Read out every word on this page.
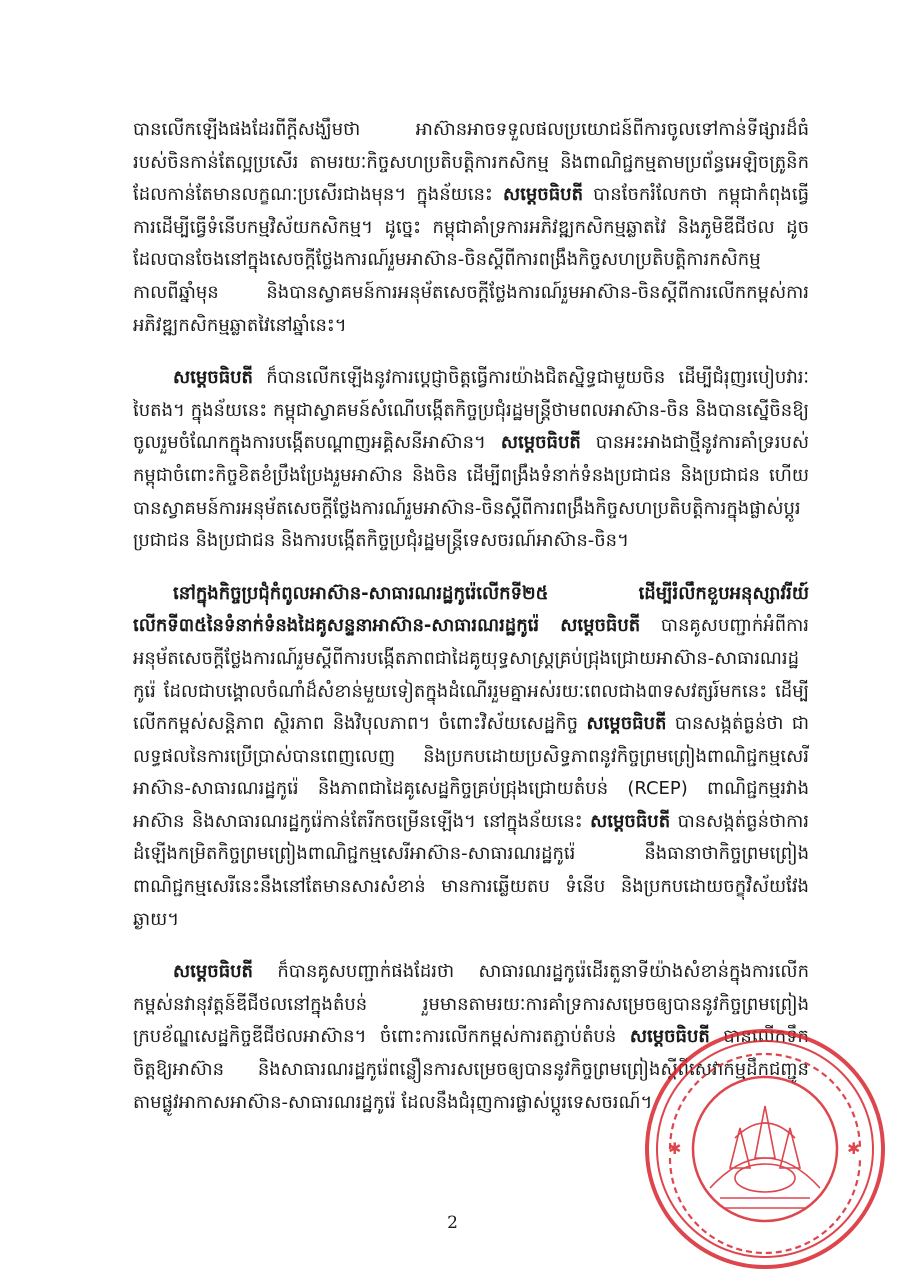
បានលើកឡើងផងដែរពីក្តីសង្ឃឹមថា អាស៊ានអាចទទួលផលប្រយោជន៍ពីការចូលទៅកាន់ទីផ្សារដ៏ធំរបស់ចិនកាន់តែល្អប្រសើរ តាមរយៈកិច្ចសហប្រតិបត្តិការកសិកម្ម និងពាណិជ្ជកម្មតាមប្រព័ន្ធអេឡិចត្រូនិកដែលកាន់តែមានលក្ខណៈប្រសើរជាងមុន។ ក្នុងន័យនេះ សម្តេចធិបតី បានចែករំលែកថា កម្ពុជាកំពុងធ្វើការដើម្បីធ្វើទំនើបកម្មវិស័យកសិកម្ម។ ដូច្នេះ កម្ពុជាគាំទ្រការអភិវឌ្ឍកសិកម្មឆ្លាតវៃ និងភូមិឌីជីថល ដូចដែលបានចែងនៅក្នុងសេចក្តីថ្លែងការណ៍រួមអាស៊ាន-ចិនស្តីពីការពង្រឹងកិច្ចសហប្រតិបត្តិការកសិកម្ម កាលពីឆ្នាំមុន និងបានស្វាគមន៍ការអនុម័តសេចក្តីថ្លែងការណ៍រួមអាស៊ាន-ចិនស្តីពីការលើកកម្ពស់ការអភិវឌ្ឍកសិកម្មឆ្លាតវៃនៅឆ្នាំនេះ។

សម្តេចធិបតី ក៏បានលើកឡើងនូវការប្តេជ្ញាចិត្តធ្វើការយ៉ាងជិតស្និទ្ធជាមួយចិន ដើម្បីជំរុញរបៀបវារៈបៃតង។ ក្នុងន័យនេះ កម្ពុជាស្វាគមន៍សំណើបង្កើតកិច្ចប្រជុំរដ្ឋមន្ត្រីថាមពលអាស៊ាន-ចិន និងបានស្នើចិនឱ្យចូលរួមចំណែកក្នុងការបង្កើតបណ្តាញអគ្គិសនីអាស៊ាន។ សម្តេចធិបតី បានអះអាងជាថ្មីនូវការគាំទ្ររបស់កម្ពុជាចំពោះកិច្ចខិតខំប្រឹងប្រែងរួមអាស៊ាន និងចិន ដើម្បីពង្រឹងទំនាក់ទំនងប្រជាជន និងប្រជាជន ហើយបានស្វាគមន៍ការអនុម័តសេចក្តីថ្លែងការណ៍រួមអាស៊ាន-ចិនស្តីពីការពង្រឹងកិច្ចសហប្រតិបត្តិការក្នុងផ្លាស់ប្តូរប្រជាជន និងប្រជាជន និងការបង្កើតកិច្ចប្រជុំរដ្ឋមន្ត្រីទេសចរណ៍អាស៊ាន-ចិន។

នៅក្នុងកិច្ចប្រជុំកំពូលអាស៊ាន-សាធារណរដ្ឋកូរ៉េលើកទី២៥ ដើម្បីរំលឹកខួបអនុស្សាវរីយ៍លើកទី៣៥នៃទំនាក់ទំនងដៃគូសន្ទនាអាស៊ាន-សាធារណរដ្ឋកូរ៉េ សម្តេចធិបតី បានគូសបញ្ជាក់អំពីការអនុម័តសេចក្តីថ្លែងការណ៍រួមស្តីពីការបង្កើតភាពជាដៃគូយុទ្ធសាស្ត្រគ្រប់ជ្រុងជ្រោយអាស៊ាន-សាធារណរដ្ឋកូរ៉េ ដែលជាបង្គោលចំណាំដ៏សំខាន់មួយទៀតក្នុងដំណើររួមគ្នាអស់រយៈពេលជាង៣ទសវត្សរ៍មកនេះ ដើម្បីលើកកម្ពស់សន្តិភាព ស្ថិរភាព និងវិបុលភាព។ ចំពោះវិស័យសេដ្ឋកិច្ច សម្តេចធិបតី បានសង្កត់ធ្ងន់ថា ជាលទ្ធផលនៃការប្រើប្រាស់បានពេញលេញ និងប្រកបដោយប្រសិទ្ធភាពនូវកិច្ចព្រមព្រៀងពាណិជ្ជកម្មសេរីអាស៊ាន-សាធារណរដ្ឋកូរ៉េ និងភាពជាដៃគូសេដ្ឋកិច្ចគ្រប់ជ្រុងជ្រោយតំបន់ (RCEP) ពាណិជ្ជកម្មរវាងអាស៊ាន និងសាធារណរដ្ឋកូរ៉េកាន់តែរីកចម្រើនឡើង។ នៅក្នុងន័យនេះ សម្តេចធិបតី បានសង្កត់ធ្ងន់ថាការដំឡើងកម្រិតកិច្ចព្រមព្រៀងពាណិជ្ជកម្មសេរីអាស៊ាន-សាធារណរដ្ឋកូរ៉េ នឹងធានាថាកិច្ចព្រមព្រៀងពាណិជ្ជកម្មសេរីនេះនឹងនៅតែមានសារសំខាន់ មានការឆ្លើយតប ទំនើប និងប្រកបដោយចក្ខុវិស័យវែងឆ្ងាយ។

សម្តេចធិបតី ក៏បានគូសបញ្ជាក់ផងដែរថា សាធារណរដ្ឋកូរ៉េដើរតួនាទីយ៉ាងសំខាន់ក្នុងការលើកកម្ពស់នវានុវត្តន៍ឌីជីថលនៅក្នុងតំបន់ រួមមានតាមរយៈការគាំទ្រការសម្រេចឲ្យបាននូវកិច្ចព្រមព្រៀងក្របខ័ណ្ឌសេដ្ឋកិច្ចឌីជីថលអាស៊ាន។ ចំពោះការលើកកម្ពស់ការតភ្ជាប់តំបន់ សម្តេចធិបតី បានលើកទឹកចិត្តឱ្យអាស៊ាន និងសាធារណរដ្ឋកូរ៉េពន្លឿនការសម្រេចឲ្យបាននូវកិច្ចព្រមព្រៀងស្តីពីសេវាកម្មដឹកជញ្ជូនតាមផ្លូវអាកាសអាស៊ាន-សាធារណរដ្ឋកូរ៉េ ដែលនឹងជំរុញការផ្លាស់ប្តូរទេសចរណ៍។

2
✱	✱
